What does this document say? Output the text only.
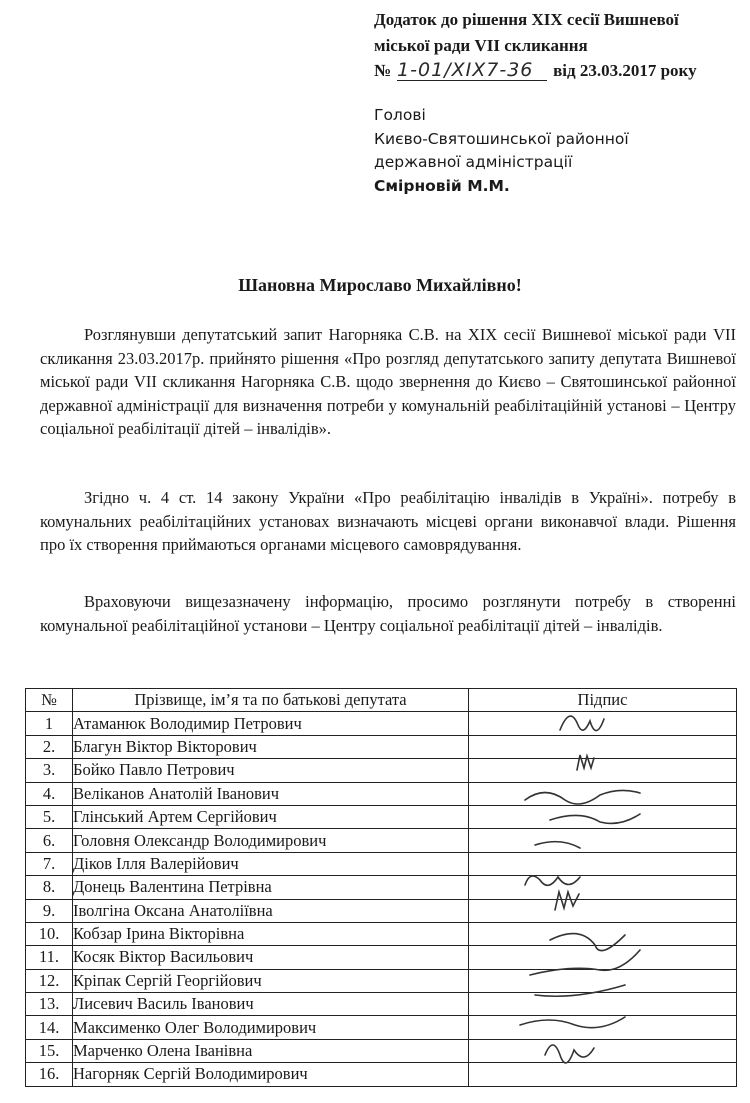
Додаток до рішення XIX сесії Вишневої
міської ради VII скликання
№ 1-01/XIX7-36 від 23.03.2017 року
Голові
Києво-Святошинської районної
державної адміністрації
Смірновій М.М.
Шановна Мирославо Михайлівно!

Розглянувши депутатський запит Нагорняка С.В. на XIX сесії Вишневої міської ради VII скликання 23.03.2017р. прийнято рішення «Про розгляд депутатського запиту депутата Вишневої міської ради VII скликання Нагорняка С.В. щодо звернення до Києво – Святошинської районної державної адміністрації для визначення потреби у комунальній реабілітаційній установі – Центру соціальної реабілітації дітей – інвалідів».

Згідно ч. 4 ст. 14 закону України «Про реабілітацію інвалідів в Україні». потребу в комунальних реабілітаційних установах визначають місцеві органи виконавчої влади. Рішення про їх створення приймаються органами місцевого самоврядування.

Враховуючи вищезазначену інформацію, просимо розглянути потребу в створенні комунальної реабілітаційної установи – Центру соціальної реабілітації дітей – інвалідів.

№	Прізвище, ім’я та по батькові депутата	Підпис
1	Атаманюк Володимир Петрович	
2.	Благун Віктор Вікторович	
3.	Бойко Павло Петрович	
4.	Веліканов Анатолій Іванович	
5.	Глінський Артем Сергійович	
6.	Головня Олександр Володимирович	
7.	Діков Ілля Валерійович	
8.	Донець Валентина Петрівна	
9.	Іволгіна Оксана Анатоліївна	
10.	Кобзар Ірина Вікторівна	
11.	Косяк Віктор Васильович	
12.	Кріпак Сергій Георгійович	
13.	Лисевич Василь Іванович	
14.	Максименко Олег Володимирович	
15.	Марченко Олена Іванівна	
16.	Нагорняк Сергій Володимирович	
